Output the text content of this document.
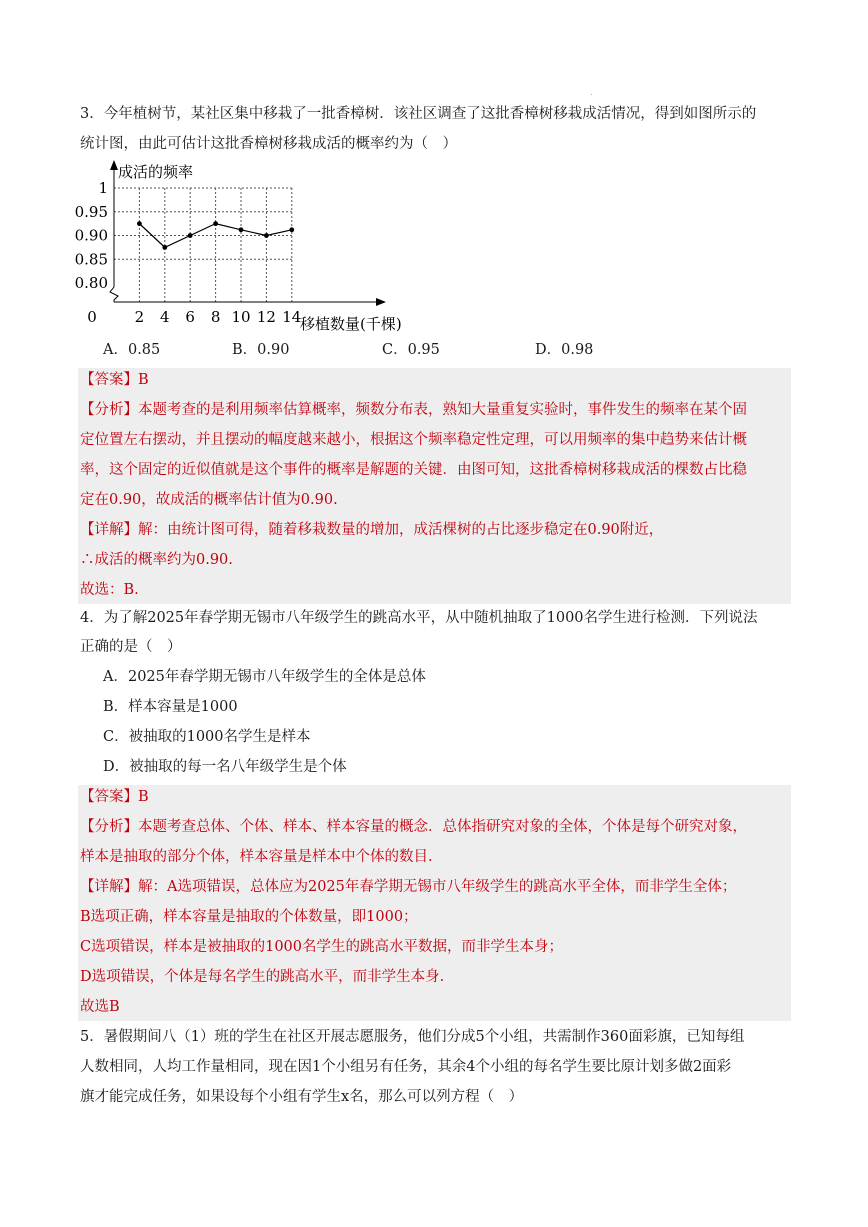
.
3．今年植树节，某社区集中移栽了一批香樟树．该社区调查了这批香樟树移栽成活情况，得到如图所示的
统计图，由此可估计这批香樟树移栽成活的概率约为（　）
成活的频率
移植数量(千棵)
1
0.95
0.90
0.85
0.80
0	2 4 6 8 10 12 14
A．0.85	B．0.90	C．0.95	D．0.98
【答案】B
【分析】本题考查的是利用频率估算概率，频数分布表，熟知大量重复实验时，事件发生的频率在某个固
定位置左右摆动，并且摆动的幅度越来越小，根据这个频率稳定性定理，可以用频率的集中趋势来估计概
率，这个固定的近似值就是这个事件的概率是解题的关键．由图可知，这批香樟树移栽成活的棵数占比稳
定在0.90，故成活的概率估计值为0.90.
【详解】解：由统计图可得，随着移栽数量的增加，成活棵树的占比逐步稳定在0.90附近，
∴成活的概率约为0.90.
故选：B.
4．为了解2025年春学期无锡市八年级学生的跳高水平，从中随机抽取了1000名学生进行检测．下列说法
正确的是（　）
A．2025年春学期无锡市八年级学生的全体是总体
B．样本容量是1000
C．被抽取的1000名学生是样本
D．被抽取的每一名八年级学生是个体
【答案】B
【分析】本题考查总体、个体、样本、样本容量的概念．总体指研究对象的全体，个体是每个研究对象，
样本是抽取的部分个体，样本容量是样本中个体的数目.
【详解】解：A选项错误，总体应为2025年春学期无锡市八年级学生的跳高水平全体，而非学生全体；
B选项正确，样本容量是抽取的个体数量，即1000；
C选项错误，样本是被抽取的1000名学生的跳高水平数据，而非学生本身；
D选项错误，个体是每名学生的跳高水平，而非学生本身.
故选B
5．暑假期间八（1）班的学生在社区开展志愿服务，他们分成5个小组，共需制作360面彩旗，已知每组
人数相同，人均工作量相同，现在因1个小组另有任务，其余4个小组的每名学生要比原计划多做2面彩
旗才能完成任务，如果设每个小组有学生x名，那么可以列方程（　）
